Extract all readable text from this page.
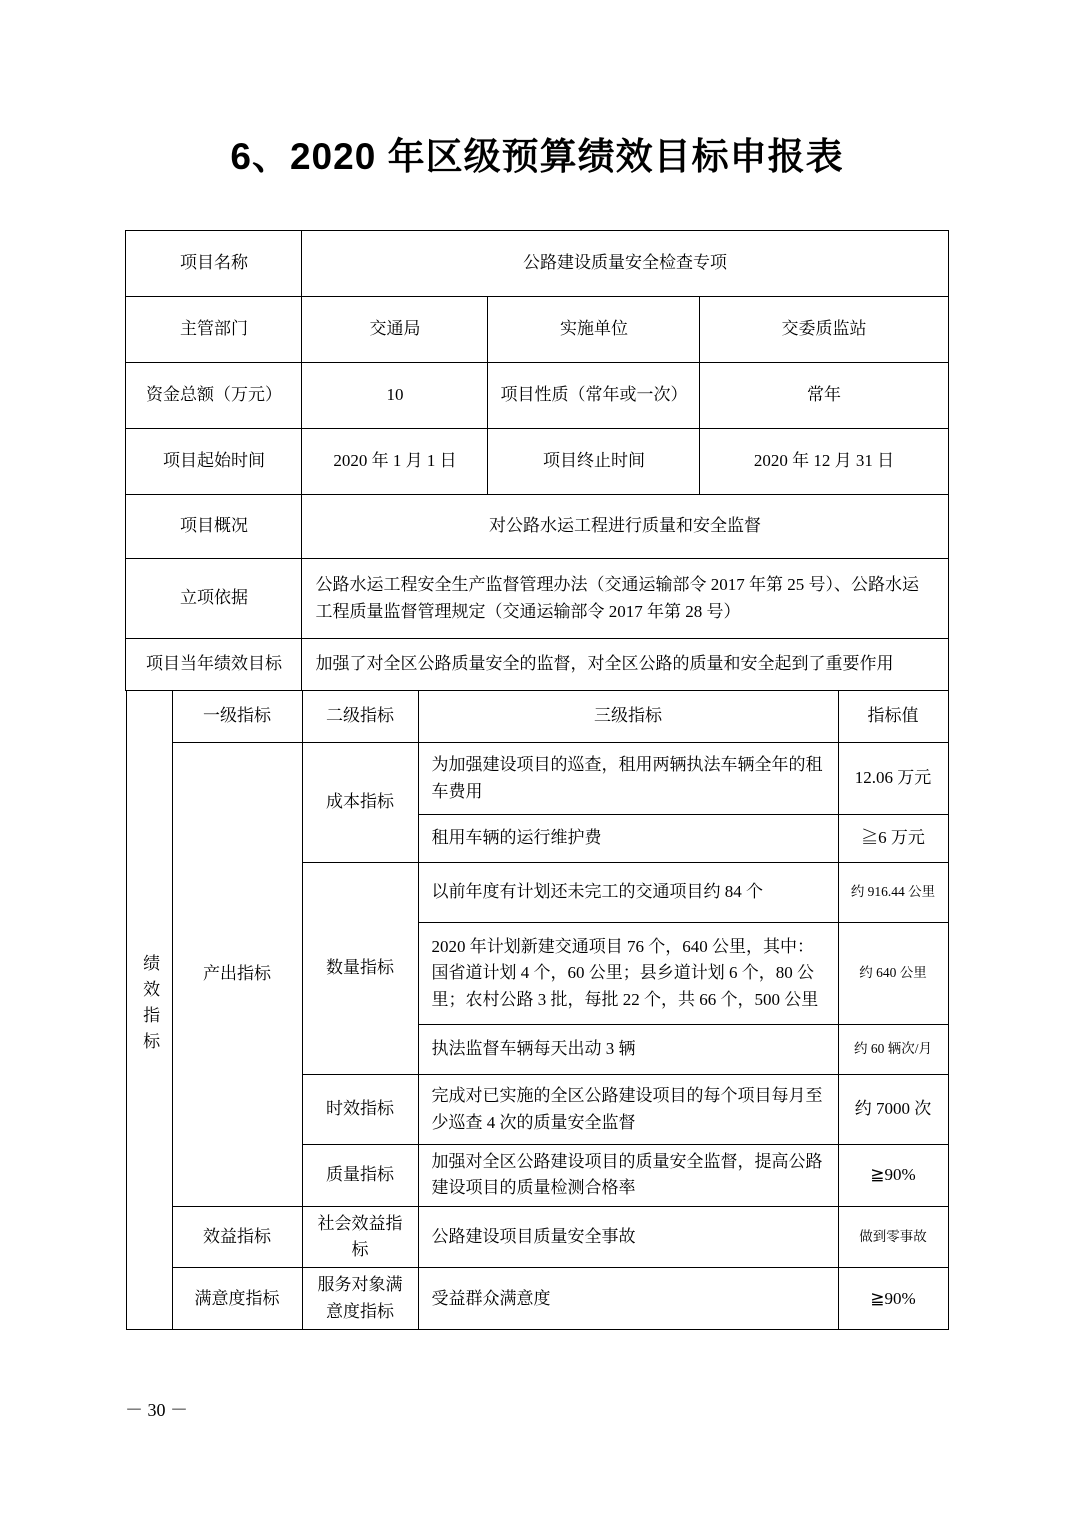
6、2020 年区级预算绩效目标申报表
项目名称	公路建设质量安全检查专项		
主管部门	交通局	实施单位	交委质监站
资金总额（万元）	10	项目性质（常年或一次）	常年
项目起始时间	2020 年 1 月 1 日	项目终止时间	2020 年 12 月 31 日
项目概况	对公路水运工程进行质量和安全监督		
立项依据	公路水运工程安全生产监督管理办法（交通运输部令 2017 年第 25 号）、公路水运工程质量监督管理规定（交通运输部令 2017 年第 28 号）		
项目当年绩效目标	加强了对全区公路质量安全的监督，对全区公路的质量和安全起到了重要作用		
绩效指标	一级指标	二级指标	三级指标	指标值
	产出指标	成本指标	为加强建设项目的巡查，租用两辆执法车辆全年的租车费用	12.06 万元
			租用车辆的运行维护费	≧6 万元
		数量指标	以前年度有计划还未完工的交通项目约 84 个	约 916.44 公里
			2020 年计划新建交通项目 76 个，640 公里，其中：国省道计划 4 个，60 公里；县乡道计划 6 个，80 公里；农村公路 3 批，每批 22 个，共 66 个，500 公里	约 640 公里
			执法监督车辆每天出动 3 辆	约 60 辆次/月
		时效指标	完成对已实施的全区公路建设项目的每个项目每月至少巡查 4 次的质量安全监督	约 7000 次
		质量指标	加强对全区公路建设项目的质量安全监督，提高公路建设项目的质量检测合格率	≧90%
	效益指标	社会效益指标	公路建设项目质量安全事故	做到零事故
	满意度指标	服务对象满意度指标	受益群众满意度	≧90%
－ 30 －
